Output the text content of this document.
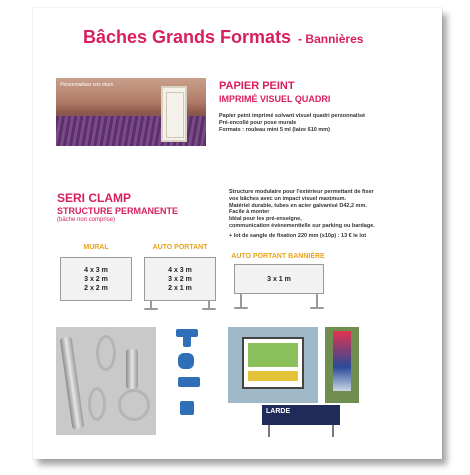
Bâches Grands Formats - Bannières
Personnalisez vos murs	PAPIER PEINT
IMPRIMÉ VISUEL QUADRI
Papier peint imprimé solvant visuel quadri personnalisé
Pré-encollé pour pose murale
Formats : rouleau mini 5 ml (laize 610 mm)
SERI CLAMP
STRUCTURE PERMANENTE
(bâche non comprise)
Structure modulaire pour l'extérieur permettant de fixer
vos bâches avec un impact visuel maximum.
Matériel durable, tubes en acier galvanisé D42,2 mm.
Facile à monter
Idéal pour les pré-enseigne,
communication évènementielle sur parking ou bardage.
+ lot de sangle de fixation 220 mm (x10p) : 13 € le lot
MURAL
4 x 3 m
3 x 2 m
2 x 2 m
AUTO PORTANT
4 x 3 m
3 x 2 m
2 x 1 m
AUTO PORTANT BANNIÈRE
3 x 1 m
LARDE
